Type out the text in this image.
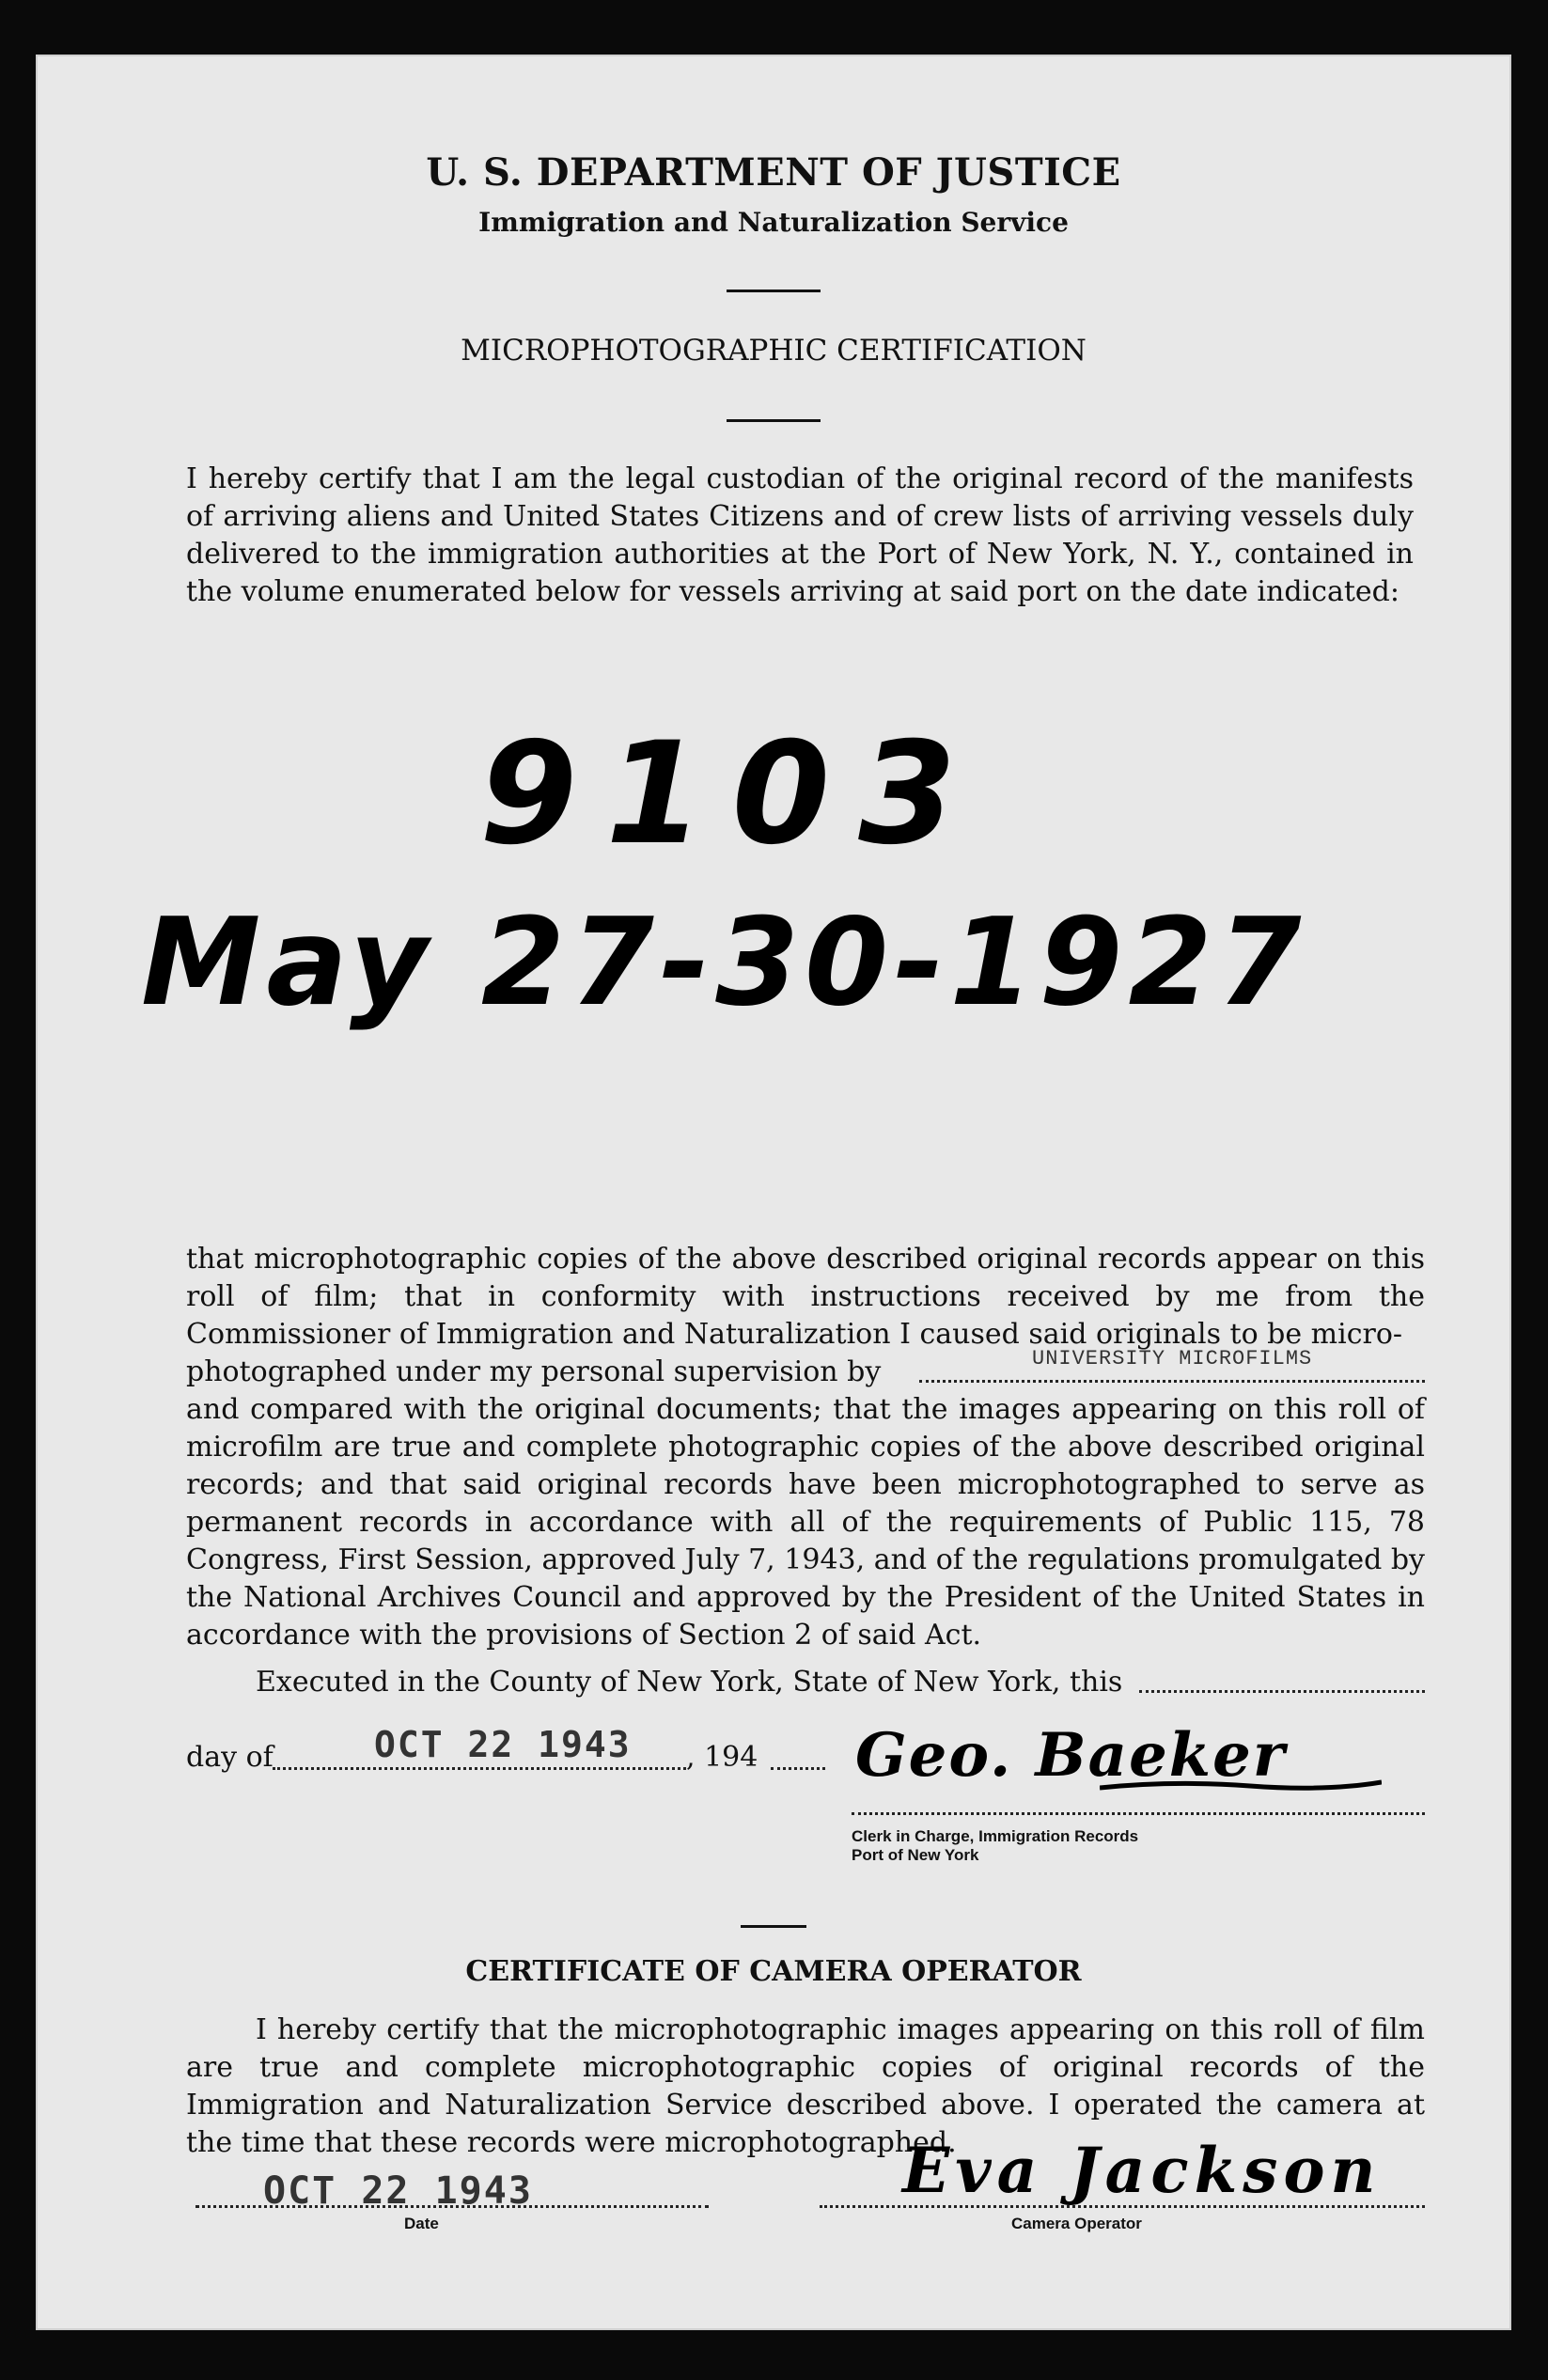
U. S. DEPARTMENT OF JUSTICE
Immigration and Naturalization Service
MICROPHOTOGRAPHIC CERTIFICATION
I hereby certify that I am the legal custodian of the original record of the manifests of arriving aliens and United States Citizens and of crew lists of arriving vessels duly delivered to the immigration authorities at the Port of New York, N. Y., contained in the volume enumerated below for vessels arriving at said port on the date indicated:
9103
May 27-30-1927
that microphotographic copies of the above described original records appear on this roll of film; that in conformity with instructions received by me from the Commissioner of Immigration and Naturalization I caused said originals to be micro-
photographed under my personal supervision by	UNIVERSITY MICROFILMS
and compared with the original documents; that the images appearing on this roll of microfilm are true and complete photographic copies of the above described original records; and that said original records have been microphotographed to serve as permanent records in accordance with all of the requirements of Public 115, 78 Congress, First Session, approved July 7, 1943, and of the regulations promulgated by the National Archives Council and approved by the President of the United States in accordance with the provisions of Section 2 of said Act.
Executed in the County of New York, State of New York, this
day of	OCT 22 1943 , 194 Geo. Baeker
Clerk in Charge, Immigration Records
Port of New York
CERTIFICATE OF CAMERA OPERATOR
I hereby certify that the microphotographic images appearing on this roll of film are true and complete microphotographic copies of original records of the Immigration and Naturalization Service described above. I operated the camera at the time that these records were microphotographed.
OCT 22 1943
Date
Eva Jackson
Camera Operator
